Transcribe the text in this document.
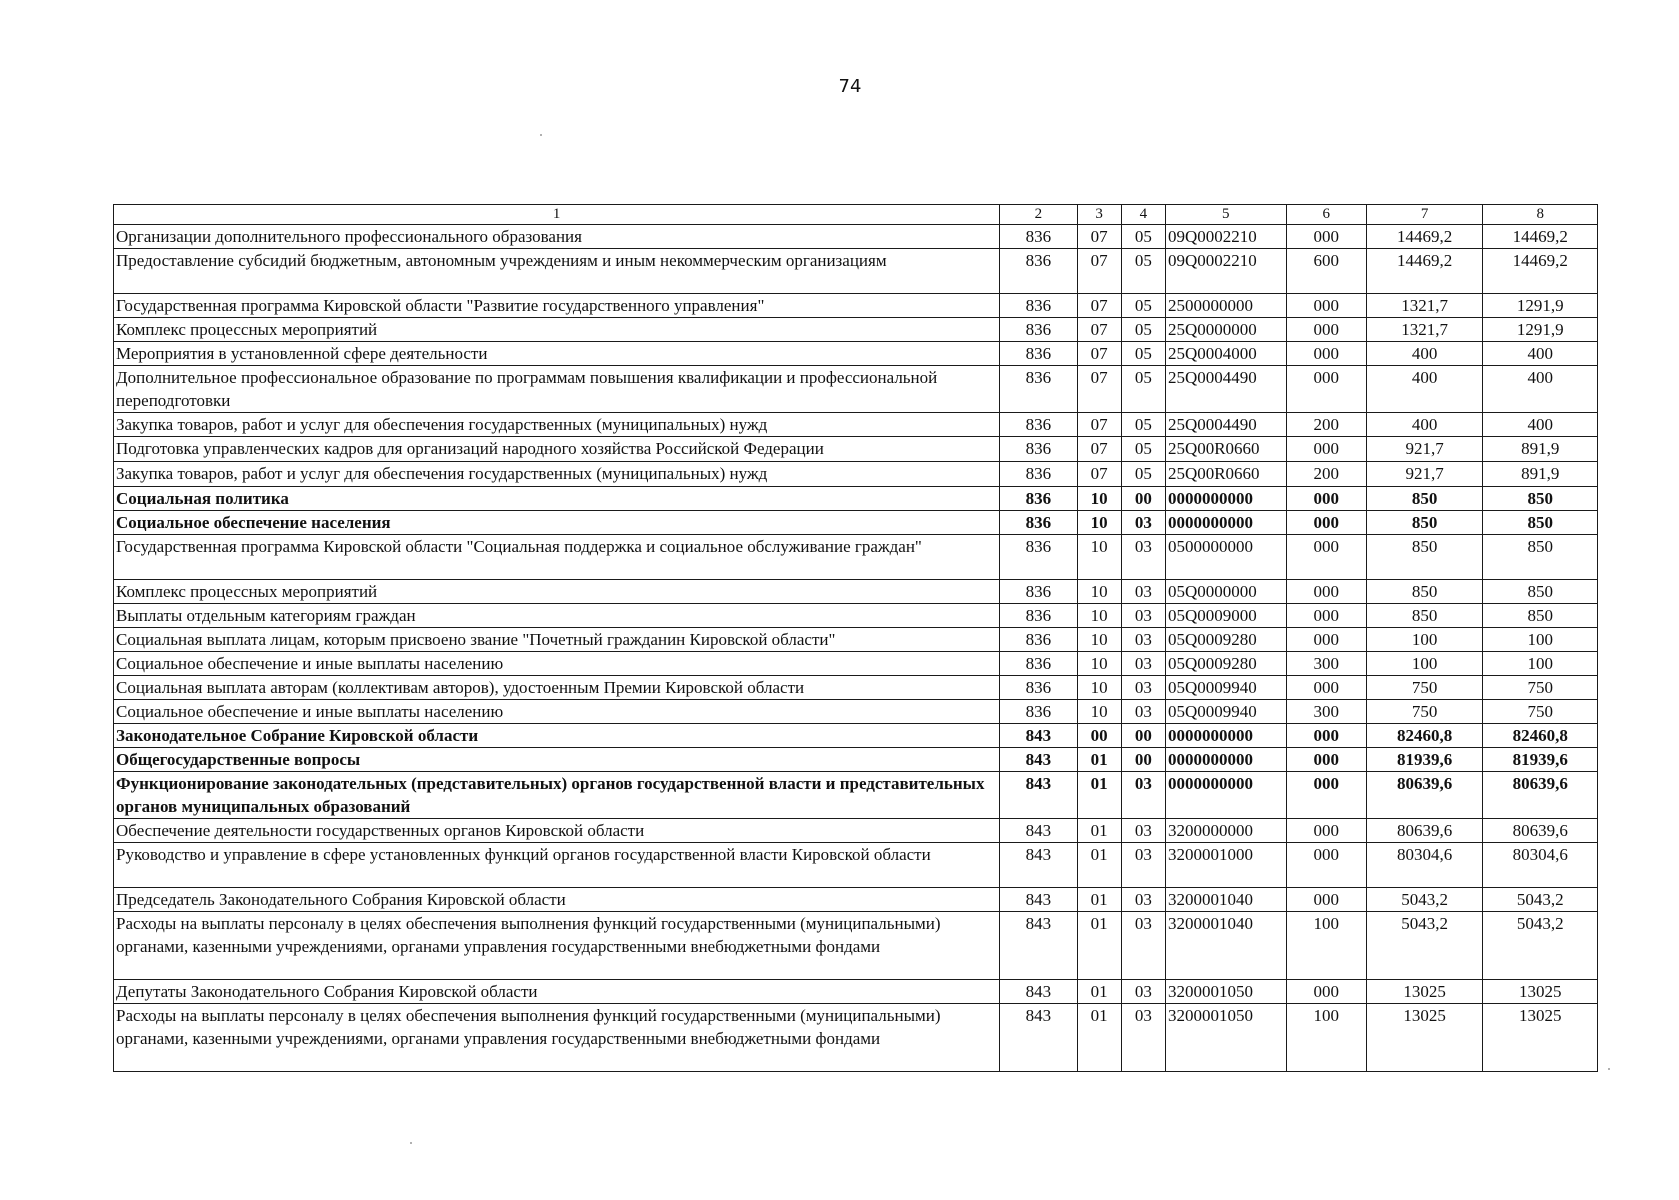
74
1	2	3	4	5	6	7	8
Организации дополнительного профессионального образования	836	07	05	09Q0002210	000	14469,2	14469,2
Предоставление субсидий бюджетным, автономным учреждениям и иным некоммерческим организациям	836	07	05	09Q0002210	600	14469,2	14469,2
Государственная программа Кировской области "Развитие государственного управления"	836	07	05	2500000000	000	1321,7	1291,9
Комплекс процессных мероприятий	836	07	05	25Q0000000	000	1321,7	1291,9
Мероприятия в установленной сфере деятельности	836	07	05	25Q0004000	000	400	400
Дополнительное профессиональное образование по программам повышения квалификации и профессиональной переподготовки	836	07	05	25Q0004490	000	400	400
Закупка товаров, работ и услуг для обеспечения государственных (муниципальных) нужд	836	07	05	25Q0004490	200	400	400
Подготовка управленческих кадров для организаций народного хозяйства Российской Федерации	836	07	05	25Q00R0660	000	921,7	891,9
Закупка товаров, работ и услуг для обеспечения государственных (муниципальных) нужд	836	07	05	25Q00R0660	200	921,7	891,9
Социальная политика	836	10	00	0000000000	000	850	850
Социальное обеспечение населения	836	10	03	0000000000	000	850	850
Государственная программа Кировской области "Социальная поддержка и социальное обслуживание граждан"	836	10	03	0500000000	000	850	850
Комплекс процессных мероприятий	836	10	03	05Q0000000	000	850	850
Выплаты отдельным категориям граждан	836	10	03	05Q0009000	000	850	850
Социальная выплата лицам, которым присвоено звание "Почетный гражданин Кировской области"	836	10	03	05Q0009280	000	100	100
Социальное обеспечение и иные выплаты населению	836	10	03	05Q0009280	300	100	100
Социальная выплата авторам (коллективам авторов), удостоенным Премии Кировской области	836	10	03	05Q0009940	000	750	750
Социальное обеспечение и иные выплаты населению	836	10	03	05Q0009940	300	750	750
Законодательное Собрание Кировской области	843	00	00	0000000000	000	82460,8	82460,8
Общегосударственные вопросы	843	01	00	0000000000	000	81939,6	81939,6
Функционирование законодательных (представительных) органов государственной власти и представительных органов муниципальных образований	843	01	03	0000000000	000	80639,6	80639,6
Обеспечение деятельности государственных органов Кировской области	843	01	03	3200000000	000	80639,6	80639,6
Руководство и управление в сфере установленных функций органов государственной власти Кировской области	843	01	03	3200001000	000	80304,6	80304,6
Председатель Законодательного Собрания Кировской области	843	01	03	3200001040	000	5043,2	5043,2
Расходы на выплаты персоналу в целях обеспечения выполнения функций государственными (муниципальными) органами, казенными учреждениями, органами управления государственными внебюджетными фондами	843	01	03	3200001040	100	5043,2	5043,2
Депутаты Законодательного Собрания Кировской области	843	01	03	3200001050	000	13025	13025
Расходы на выплаты персоналу в целях обеспечения выполнения функций государственными (муниципальными) органами, казенными учреждениями, органами управления государственными внебюджетными фондами	843	01	03	3200001050	100	13025	13025
